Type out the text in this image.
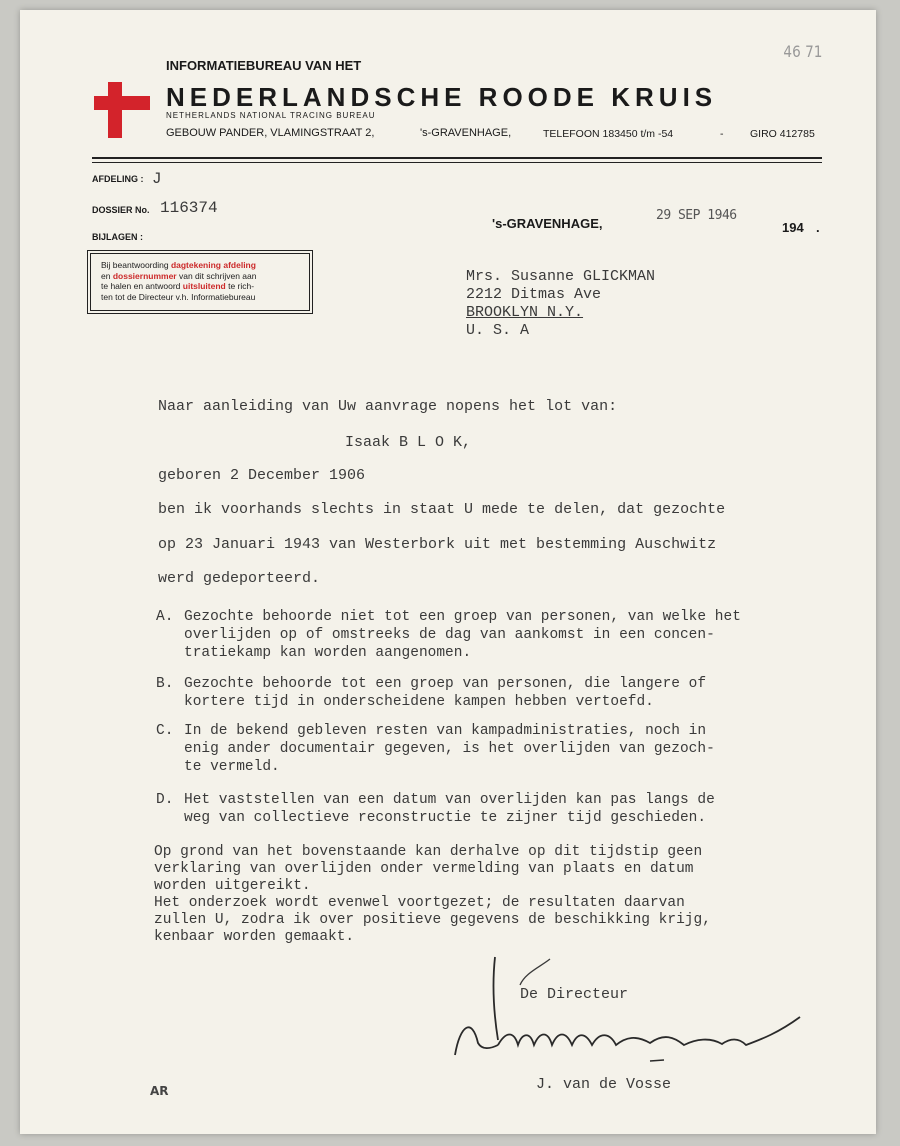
46 71
INFORMATIEBUREAU VAN HET
NEDERLANDSCHE ROODE KRUIS
NETHERLANDS NATIONAL TRACING BUREAU
GEBOUW PANDER, VLAMINGSTRAAT 2,	's-GRAVENHAGE,	TELEFOON 183450 t/m -54	-	GIRO 412785
AFDELING : J
DOSSIER No. 116374
BIJLAGEN :
's-GRAVENHAGE,
29 SEP 1946
194 .
Bij beantwoording dagtekening afdeling
en dossiernummer van dit schrijven aan
te halen en antwoord uitsluitend te rich-
ten tot de Directeur v.h. Informatiebureau
Mrs. Susanne GLICKMAN
2212 Ditmas Ave
BROOKLYN N.Y.
U. S. A
Naar aanleiding van Uw aanvrage nopens het lot van:
Isaak B L O K,
geboren 2 December 1906
ben ik voorhands slechts in staat U mede te delen, dat gezochte
op 23 Januari 1943 van Westerbork uit met bestemming Auschwitz
werd gedeporteerd.
A. Gezochte behoorde niet tot een groep van personen, van welke het
overlijden op of omstreeks de dag van aankomst in een concen-
tratiekamp kan worden aangenomen.
B. Gezochte behoorde tot een groep van personen, die langere of
kortere tijd in onderscheidene kampen hebben vertoefd.
C. In de bekend gebleven resten van kampadministraties, noch in
enig ander documentair gegeven, is het overlijden van gezoch-
te vermeld.
D. Het vaststellen van een datum van overlijden kan pas langs de
weg van collectieve reconstructie te zijner tijd geschieden.
Op grond van het bovenstaande kan derhalve op dit tijdstip geen
verklaring van overlijden onder vermelding van plaats en datum
worden uitgereikt.
Het onderzoek wordt evenwel voortgezet; de resultaten daarvan
zullen U, zodra ik over positieve gegevens de beschikking krijg,
kenbaar worden gemaakt.
De Directeur
J. van de Vosse
AR
